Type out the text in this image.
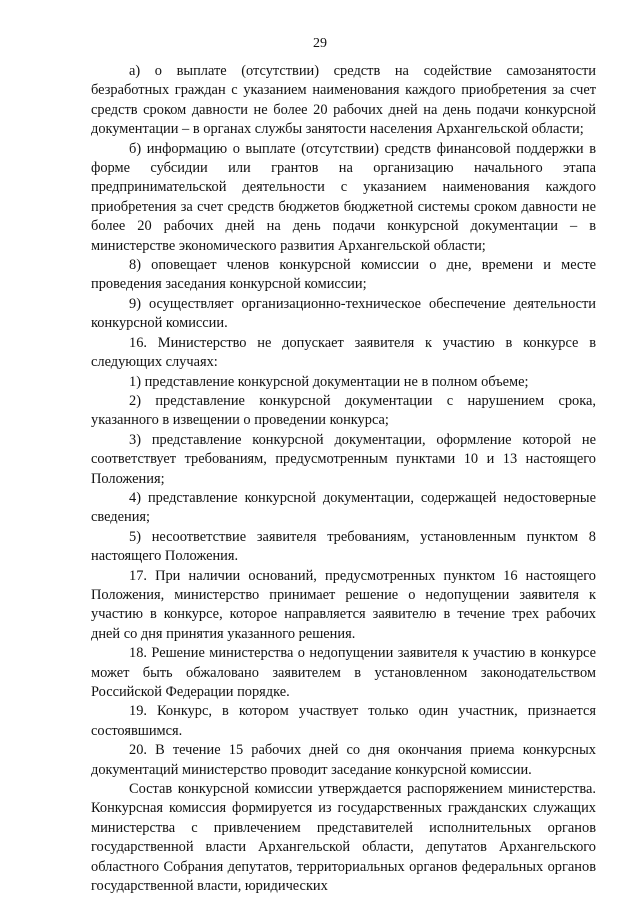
29

а) о выплате (отсутствии) средств на содействие самозанятости безработных граждан с указанием наименования каждого приобретения за счет средств сроком давности не более 20 рабочих дней на день подачи конкурсной документации – в органах службы занятости населения Архангельской области;

б) информацию о выплате (отсутствии) средств финансовой поддержки в форме субсидии или грантов на организацию начального этапа предпринимательской деятельности с указанием наименования каждого приобретения за счет средств бюджетов бюджетной системы сроком давности не более 20 рабочих дней на день подачи конкурсной документации – в министерстве экономического развития Архангельской области;

8) оповещает членов конкурсной комиссии о дне, времени и месте проведения заседания конкурсной комиссии;

9) осуществляет организационно-техническое обеспечение деятельности конкурсной комиссии.

16. Министерство не допускает заявителя к участию в конкурсе в следующих случаях:

1) представление конкурсной документации не в полном объеме;

2) представление конкурсной документации с нарушением срока, указанного в извещении о проведении конкурса;

3) представление конкурсной документации, оформление которой не соответствует требованиям, предусмотренным пунктами 10 и 13 настоящего Положения;

4) представление конкурсной документации, содержащей недостоверные сведения;

5) несоответствие заявителя требованиям, установленным пунктом 8 настоящего Положения.

17. При наличии оснований, предусмотренных пунктом 16 настоящего Положения, министерство принимает решение о недопущении заявителя к участию в конкурсе, которое направляется заявителю в течение трех рабочих дней со дня принятия указанного решения.

18. Решение министерства о недопущении заявителя к участию в конкурсе может быть обжаловано заявителем в установленном законодательством Российской Федерации порядке.

19. Конкурс, в котором участвует только один участник, признается состоявшимся.

20. В течение 15 рабочих дней со дня окончания приема конкурсных документаций министерство проводит заседание конкурсной комиссии.

Состав конкурсной комиссии утверждается распоряжением министерства. Конкурсная комиссия формируется из государственных гражданских служащих министерства с привлечением представителей исполнительных органов государственной власти Архангельской области, депутатов Архангельского областного Собрания депутатов, территориальных органов федеральных органов государственной власти, юридических
